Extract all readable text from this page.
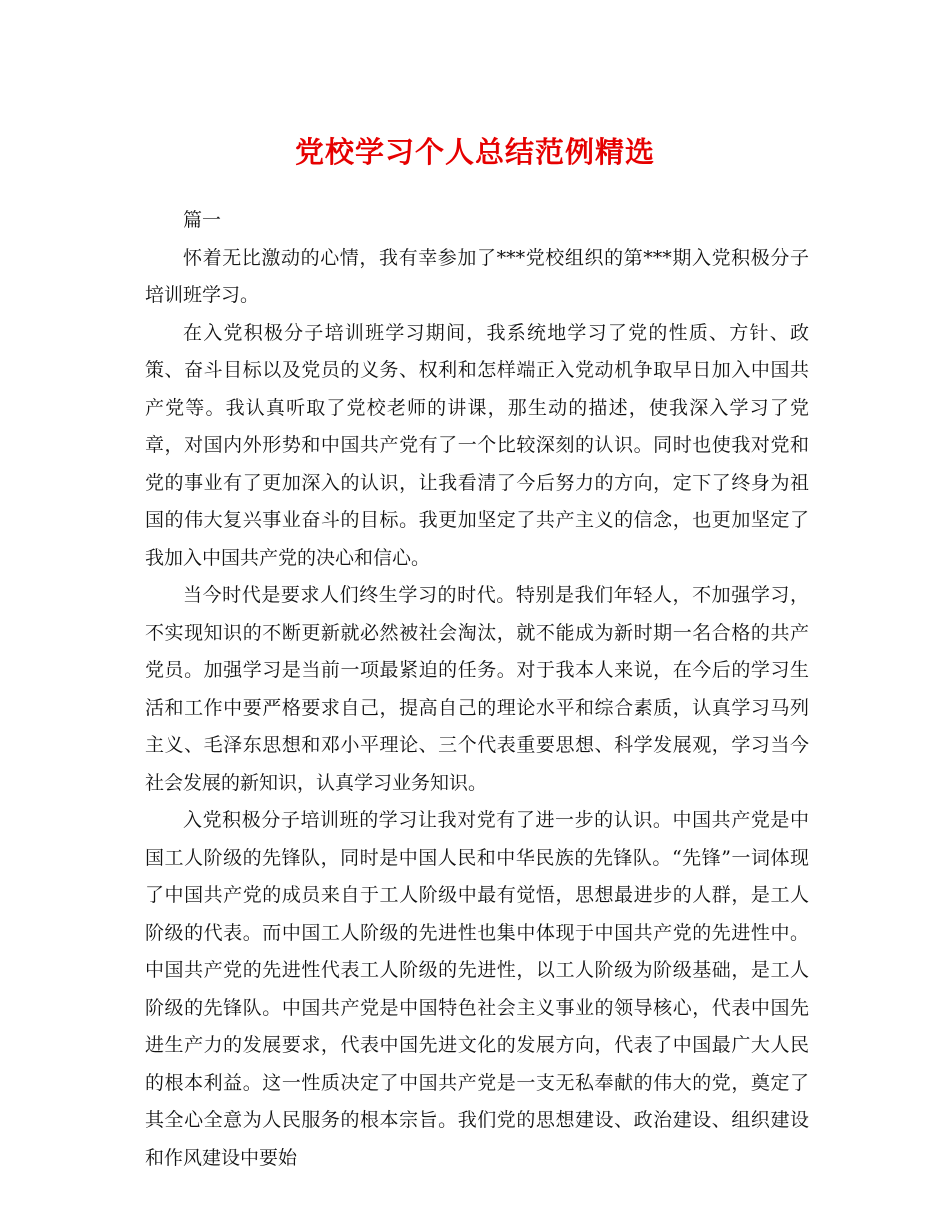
党校学习个人总结范例精选

篇一

怀着无比激动的心情，我有幸参加了***党校组织的第***期入党积极分子培训班学习。

在入党积极分子培训班学习期间，我系统地学习了党的性质、方针、政策、奋斗目标以及党员的义务、权利和怎样端正入党动机争取早日加入中国共产党等。我认真听取了党校老师的讲课，那生动的描述，使我深入学习了党章，对国内外形势和中国共产党有了一个比较深刻的认识。同时也使我对党和党的事业有了更加深入的认识，让我看清了今后努力的方向，定下了终身为祖国的伟大复兴事业奋斗的目标。我更加坚定了共产主义的信念，也更加坚定了我加入中国共产党的决心和信心。

当今时代是要求人们终生学习的时代。特别是我们年轻人，不加强学习，不实现知识的不断更新就必然被社会淘汰，就不能成为新时期一名合格的共产党员。加强学习是当前一项最紧迫的任务。对于我本人来说，在今后的学习生活和工作中要严格要求自己，提高自己的理论水平和综合素质，认真学习马列主义、毛泽东思想和邓小平理论、三个代表重要思想、科学发展观，学习当今社会发展的新知识，认真学习业务知识。

入党积极分子培训班的学习让我对党有了进一步的认识。中国共产党是中国工人阶级的先锋队，同时是中国人民和中华民族的先锋队。“先锋”一词体现了中国共产党的成员来自于工人阶级中最有觉悟，思想最进步的人群，是工人阶级的代表。而中国工人阶级的先进性也集中体现于中国共产党的先进性中。中国共产党的先进性代表工人阶级的先进性，以工人阶级为阶级基础，是工人阶级的先锋队。中国共产党是中国特色社会主义事业的领导核心，代表中国先进生产力的发展要求，代表中国先进文化的发展方向，代表了中国最广大人民的根本利益。这一性质决定了中国共产党是一支无私奉献的伟大的党，奠定了其全心全意为人民服务的根本宗旨。我们党的思想建设、政治建设、组织建设和作风建设中要始
